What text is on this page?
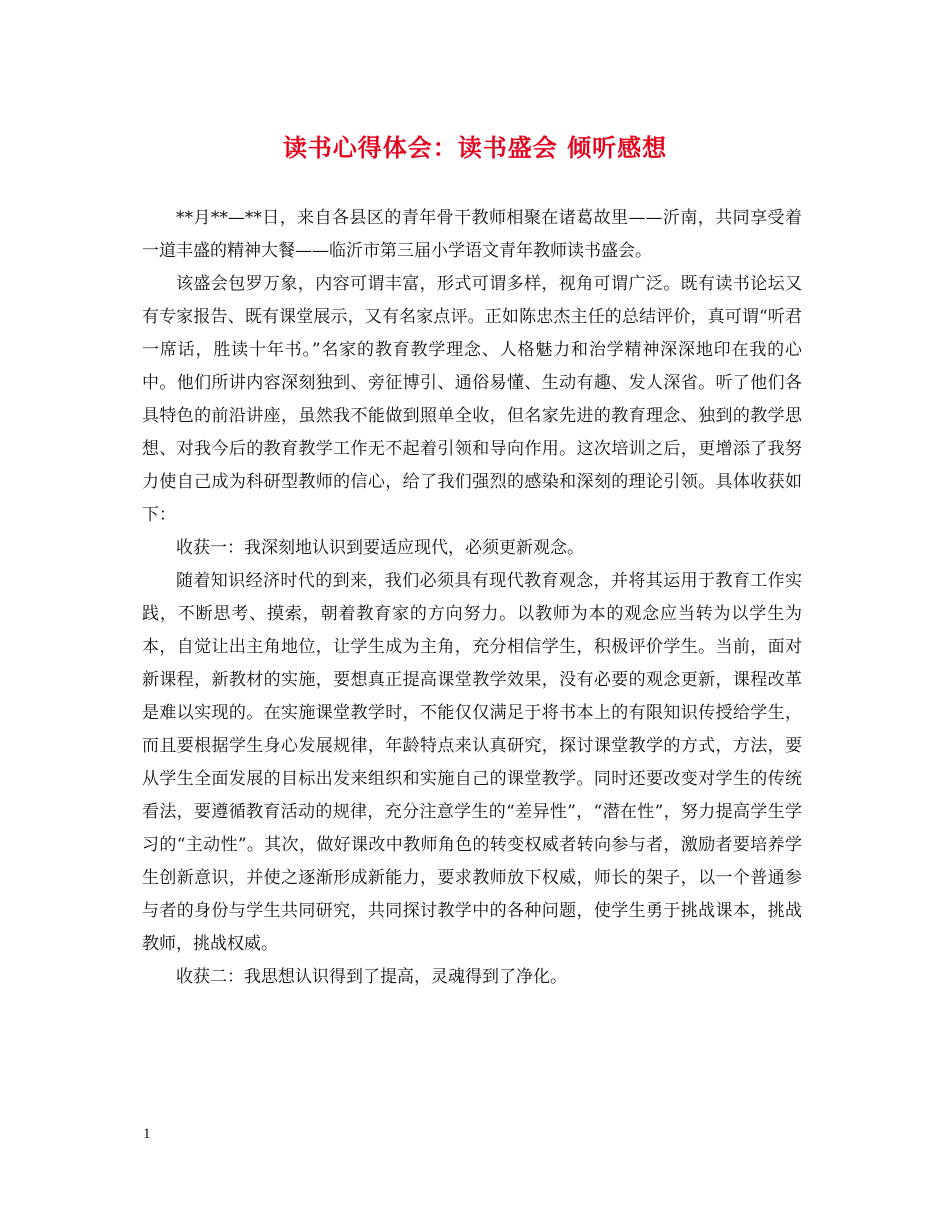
读书心得体会：读书盛会 倾听感想

**月**—**日，来自各县区的青年骨干教师相聚在诸葛故里——沂南，共同享受着一道丰盛的精神大餐——临沂市第三届小学语文青年教师读书盛会。

该盛会包罗万象，内容可谓丰富，形式可谓多样，视角可谓广泛。既有读书论坛又有专家报告、既有课堂展示，又有名家点评。正如陈忠杰主任的总结评价，真可谓“听君一席话，胜读十年书。”名家的教育教学理念、人格魅力和治学精神深深地印在我的心中。他们所讲内容深刻独到、旁征博引、通俗易懂、生动有趣、发人深省。听了他们各具特色的前沿讲座，虽然我不能做到照单全收，但名家先进的教育理念、独到的教学思想、对我今后的教育教学工作无不起着引领和导向作用。这次培训之后，更增添了我努力使自己成为科研型教师的信心，给了我们强烈的感染和深刻的理论引领。具体收获如下：

收获一：我深刻地认识到要适应现代，必须更新观念。

随着知识经济时代的到来，我们必须具有现代教育观念，并将其运用于教育工作实践，不断思考、摸索，朝着教育家的方向努力。以教师为本的观念应当转为以学生为本，自觉让出主角地位，让学生成为主角，充分相信学生，积极评价学生。当前，面对新课程，新教材的实施，要想真正提高课堂教学效果，没有必要的观念更新，课程改革是难以实现的。在实施课堂教学时，不能仅仅满足于将书本上的有限知识传授给学生，而且要根据学生身心发展规律，年龄特点来认真研究，探讨课堂教学的方式，方法，要从学生全面发展的目标出发来组织和实施自己的课堂教学。同时还要改变对学生的传统看法，要遵循教育活动的规律，充分注意学生的“差异性”，“潜在性”，努力提高学生学习的“主动性”。其次，做好课改中教师角色的转变权威者转向参与者，激励者要培养学生创新意识，并使之逐渐形成新能力，要求教师放下权威，师长的架子，以一个普通参与者的身份与学生共同研究，共同探讨教学中的各种问题，使学生勇于挑战课本，挑战教师，挑战权威。

收获二：我思想认识得到了提高，灵魂得到了净化。

1
